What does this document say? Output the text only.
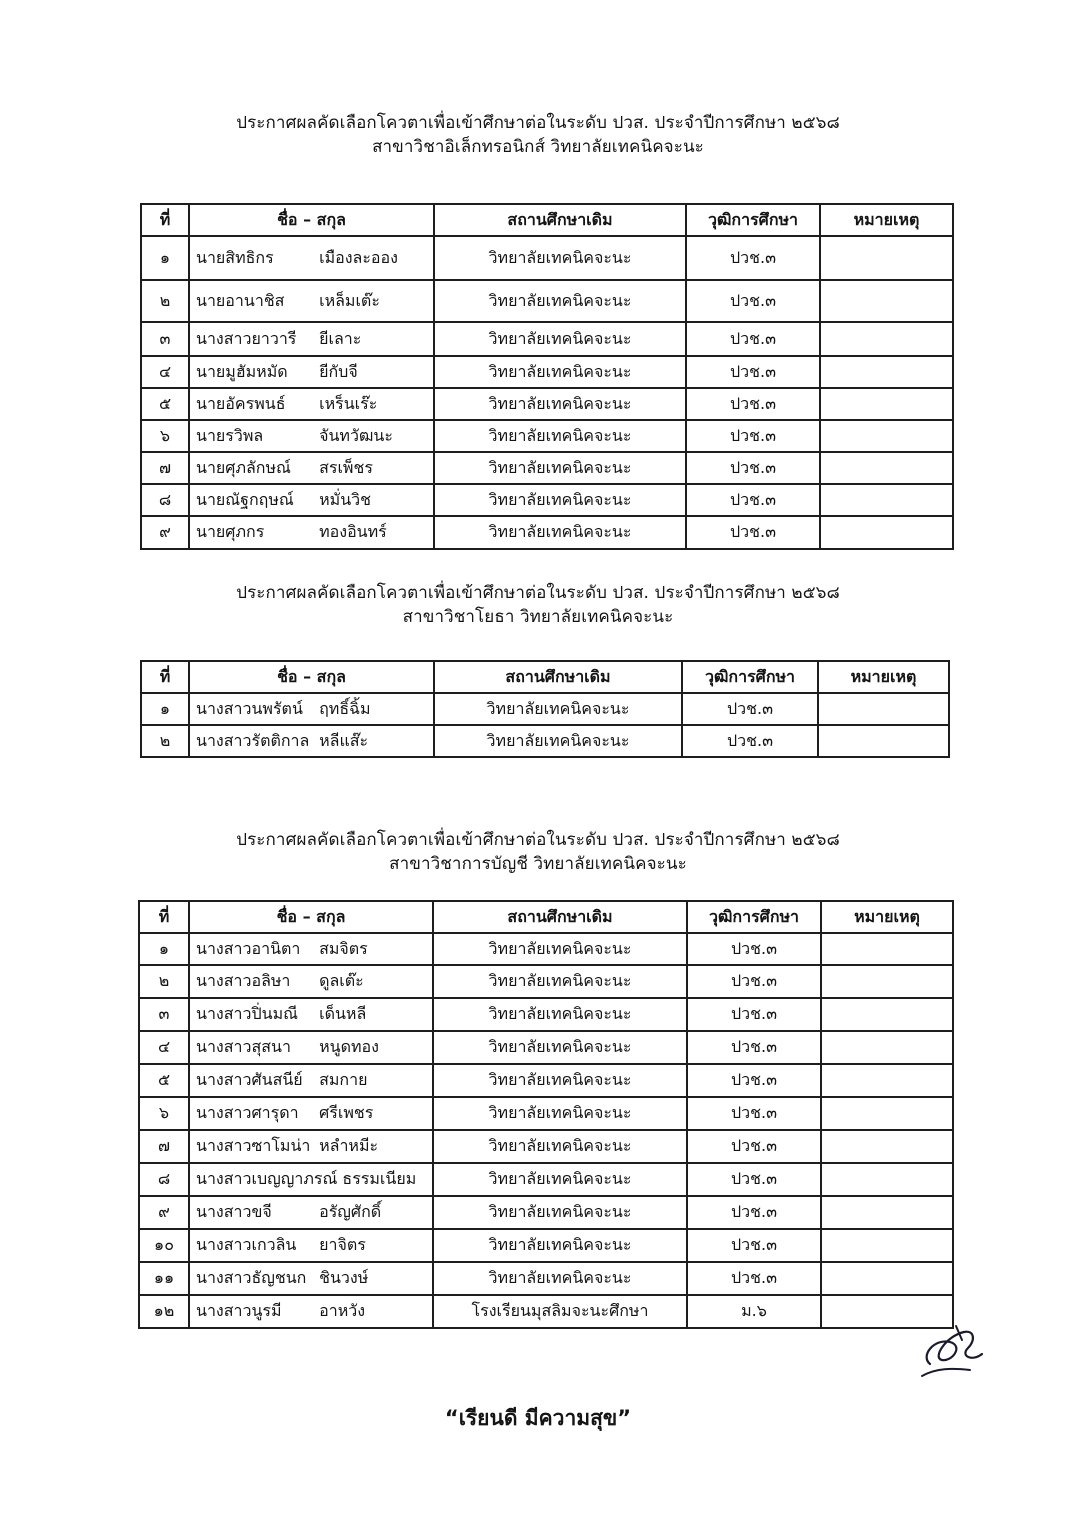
ประกาศผลคัดเลือกโควตาเพื่อเข้าศึกษาต่อในระดับ ปวส. ประจำปีการศึกษา ๒๕๖๘
สาขาวิชาอิเล็กทรอนิกส์ วิทยาลัยเทคนิคจะนะ
ที่	ชื่อ – สกุล	สถานศึกษาเดิม	วุฒิการศึกษา	หมายเหตุ
๑	นายสิทธิกร เมืองละออง	วิทยาลัยเทคนิคจะนะ	ปวช.๓	
๒	นายอานาชิส เหล็มเต๊ะ	วิทยาลัยเทคนิคจะนะ	ปวช.๓	
๓	นางสาวยาวารี ยีเลาะ	วิทยาลัยเทคนิคจะนะ	ปวช.๓	
๔	นายมูฮัมหมัด ยีกับจี	วิทยาลัยเทคนิคจะนะ	ปวช.๓	
๕	นายอัครพนธ์ เหร็นเร๊ะ	วิทยาลัยเทคนิคจะนะ	ปวช.๓	
๖	นายรวิพล จันทวัฒนะ	วิทยาลัยเทคนิคจะนะ	ปวช.๓	
๗	นายศุภลักษณ์ สรเพ็ชร	วิทยาลัยเทคนิคจะนะ	ปวช.๓	
๘	นายณัฐกฤษณ์ หมั่นวิช	วิทยาลัยเทคนิคจะนะ	ปวช.๓	
๙	นายศุภกร ทองอินทร์	วิทยาลัยเทคนิคจะนะ	ปวช.๓	
ประกาศผลคัดเลือกโควตาเพื่อเข้าศึกษาต่อในระดับ ปวส. ประจำปีการศึกษา ๒๕๖๘
สาขาวิชาโยธา วิทยาลัยเทคนิคจะนะ
ที่	ชื่อ – สกุล	สถานศึกษาเดิม	วุฒิการศึกษา	หมายเหตุ
๑	นางสาวนพรัตน์ ฤทธิ์ฉิ้ม	วิทยาลัยเทคนิคจะนะ	ปวช.๓	
๒	นางสาวรัตติกาล หลีแส๊ะ	วิทยาลัยเทคนิคจะนะ	ปวช.๓	
ประกาศผลคัดเลือกโควตาเพื่อเข้าศึกษาต่อในระดับ ปวส. ประจำปีการศึกษา ๒๕๖๘
สาขาวิชาการบัญชี วิทยาลัยเทคนิคจะนะ
ที่	ชื่อ – สกุล	สถานศึกษาเดิม	วุฒิการศึกษา	หมายเหตุ
๑	นางสาวอานิตา สมจิตร	วิทยาลัยเทคนิคจะนะ	ปวช.๓	
๒	นางสาวอลิษา ดูลเต๊ะ	วิทยาลัยเทคนิคจะนะ	ปวช.๓	
๓	นางสาวปิ่นมณี เด็นหลี	วิทยาลัยเทคนิคจะนะ	ปวช.๓	
๔	นางสาวสุสนา หนูดทอง	วิทยาลัยเทคนิคจะนะ	ปวช.๓	
๕	นางสาวศันสนีย์ สมกาย	วิทยาลัยเทคนิคจะนะ	ปวช.๓	
๖	นางสาวศารุดา ศรีเพชร	วิทยาลัยเทคนิคจะนะ	ปวช.๓	
๗	นางสาวซาโมน่า หลำหมีะ	วิทยาลัยเทคนิคจะนะ	ปวช.๓	
๘	นางสาวเบญญาภรณ์ ธรรมเนียม	วิทยาลัยเทคนิคจะนะ	ปวช.๓	
๙	นางสาวขจี อรัญศักดิ์	วิทยาลัยเทคนิคจะนะ	ปวช.๓	
๑๐	นางสาวเกวลิน ยาจิตร	วิทยาลัยเทคนิคจะนะ	ปวช.๓	
๑๑	นางสาวธัญชนก ชินวงษ์	วิทยาลัยเทคนิคจะนะ	ปวช.๓	
๑๒	นางสาวนูรมี อาหวัง	โรงเรียนมุสลิมจะนะศึกษา	ม.๖	
“เรียนดี มีความสุข”
